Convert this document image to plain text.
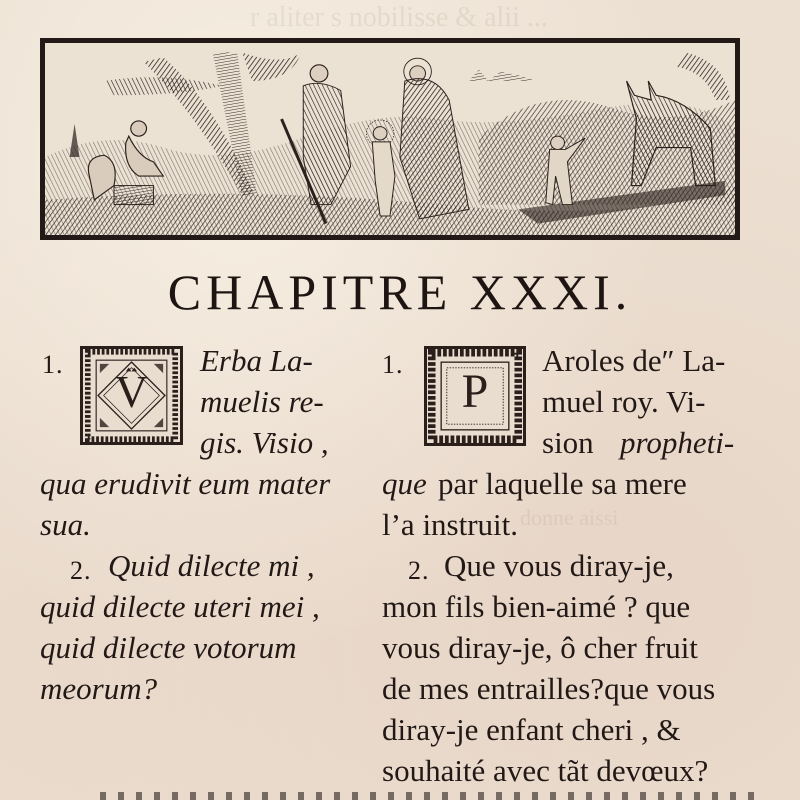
r aliter s nobilisse & alii ...
donne aissi
CHAPITRE XXXI.
1.
V
Erba La-
muelis re-
gis. Visio ,
qua erudivit eum mater
sua.
2. Quid dilecte mi ,
quid dilecte uteri mei ,
quid dilecte votorum
meorum?
1.
P
Aroles de″ La-
muel roy. Vi-
sion propheti-
que par laquelle sa mere
l’a instruit.
2. Que vous diray-je,
mon fils bien-aimé ? que
vous diray-je, ô cher fruit
de mes entrailles?que vous
diray-je enfant cheri , &
souhaité avec tãt devœux?
